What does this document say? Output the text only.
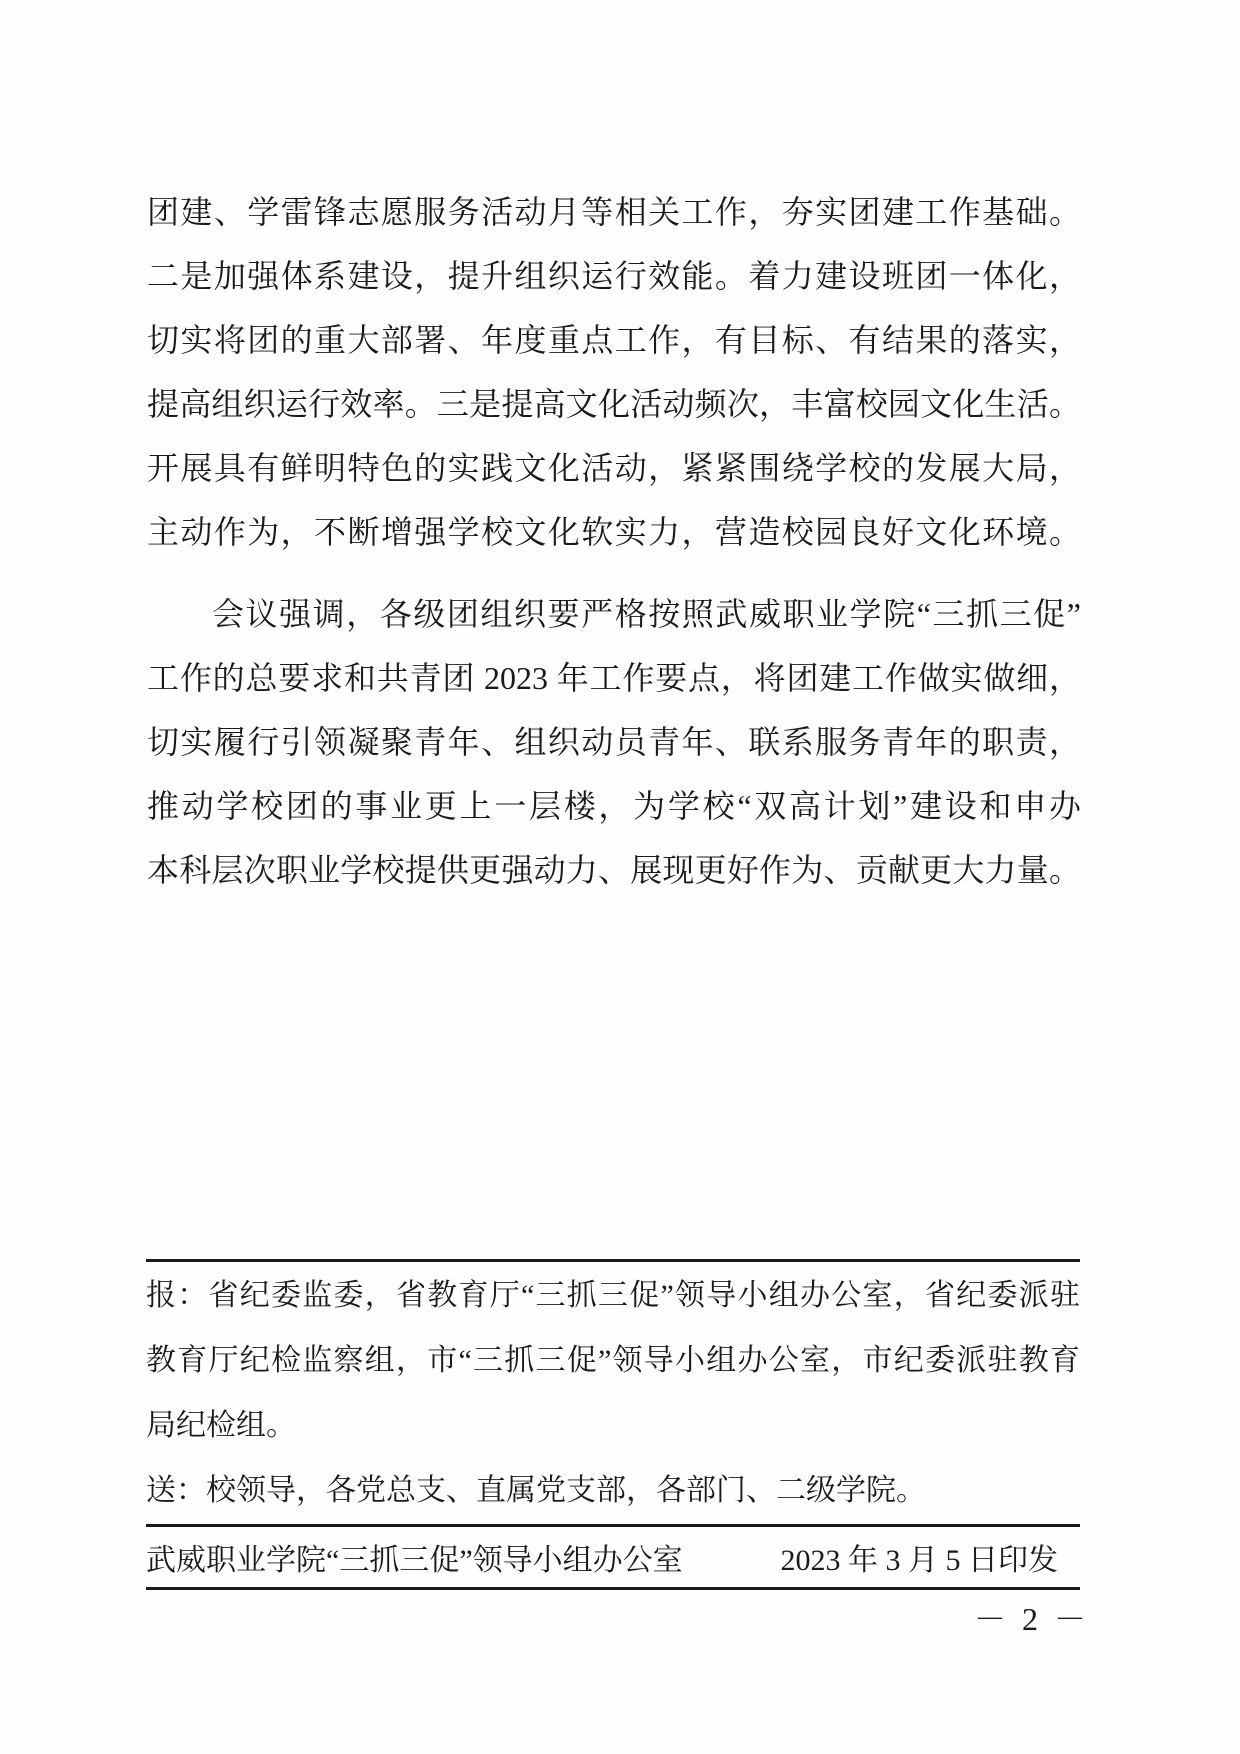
团建、学雷锋志愿服务活动月等相关工作，夯实团建工作基础。
二是加强体系建设，提升组织运行效能。着力建设班团一体化，
切实将团的重大部署、年度重点工作，有目标、有结果的落实，
提高组织运行效率。三是提高文化活动频次，丰富校园文化生活。
开展具有鲜明特色的实践文化活动，紧紧围绕学校的发展大局，
主动作为，不断增强学校文化软实力，营造校园良好文化环境。
会议强调，各级团组织要严格按照武威职业学院“三抓三促”
工作的总要求和共青团 2023 年工作要点，将团建工作做实做细，
切实履行引领凝聚青年、组织动员青年、联系服务青年的职责，
推动学校团的事业更上一层楼，为学校“双高计划”建设和申办
本科层次职业学校提供更强动力、展现更好作为、贡献更大力量。
报：省纪委监委，省教育厅“三抓三促”领导小组办公室，省纪委派驻
教育厅纪检监察组，市“三抓三促”领导小组办公室，市纪委派驻教育
局纪检组。
送：校领导，各党总支、直属党支部，各部门、二级学院。
武威职业学院“三抓三促”领导小组办公室	2023 年 3 月 5 日印发
－ 2 －
